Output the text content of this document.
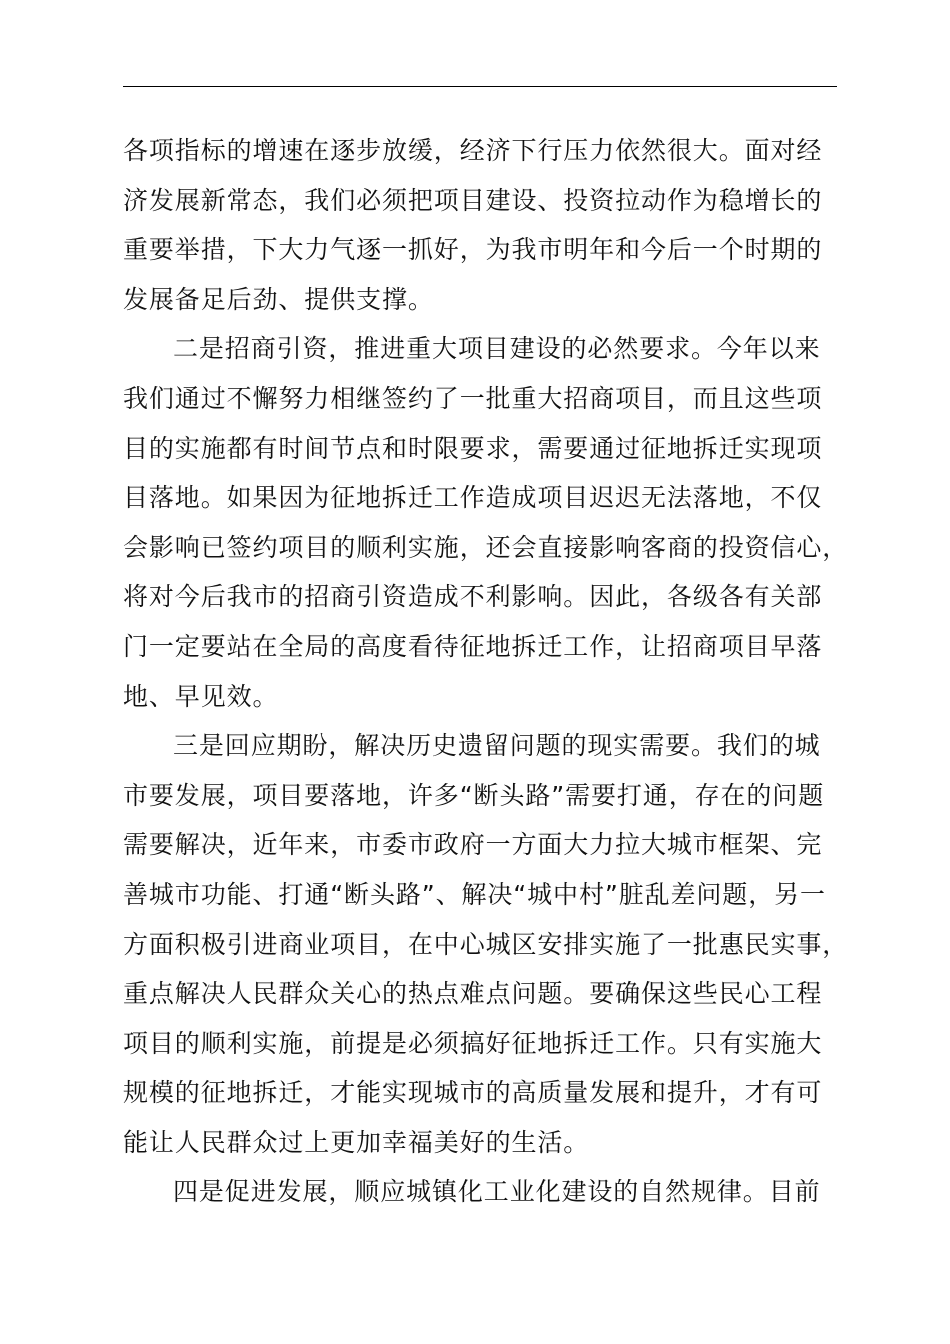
各项指标的增速在逐步放缓，经济下行压力依然很大。面对经
济发展新常态，我们必须把项目建设、投资拉动作为稳增长的
重要举措，下大力气逐一抓好，为我市明年和今后一个时期的
发展备足后劲、提供支撑。
二是招商引资，推进重大项目建设的必然要求。今年以来
我们通过不懈努力相继签约了一批重大招商项目，而且这些项
目的实施都有时间节点和时限要求，需要通过征地拆迁实现项
目落地。如果因为征地拆迁工作造成项目迟迟无法落地，不仅
会影响已签约项目的顺利实施，还会直接影响客商的投资信心，
将对今后我市的招商引资造成不利影响。因此，各级各有关部
门一定要站在全局的高度看待征地拆迁工作，让招商项目早落
地、早见效。
三是回应期盼，解决历史遗留问题的现实需要。我们的城
市要发展，项目要落地，许多“断头路”需要打通，存在的问题
需要解决，近年来，市委市政府一方面大力拉大城市框架、完
善城市功能、打通“断头路”、解决“城中村”脏乱差问题，另一
方面积极引进商业项目，在中心城区安排实施了一批惠民实事，
重点解决人民群众关心的热点难点问题。要确保这些民心工程
项目的顺利实施，前提是必须搞好征地拆迁工作。只有实施大
规模的征地拆迁，才能实现城市的高质量发展和提升，才有可
能让人民群众过上更加幸福美好的生活。
四是促进发展，顺应城镇化工业化建设的自然规律。目前
